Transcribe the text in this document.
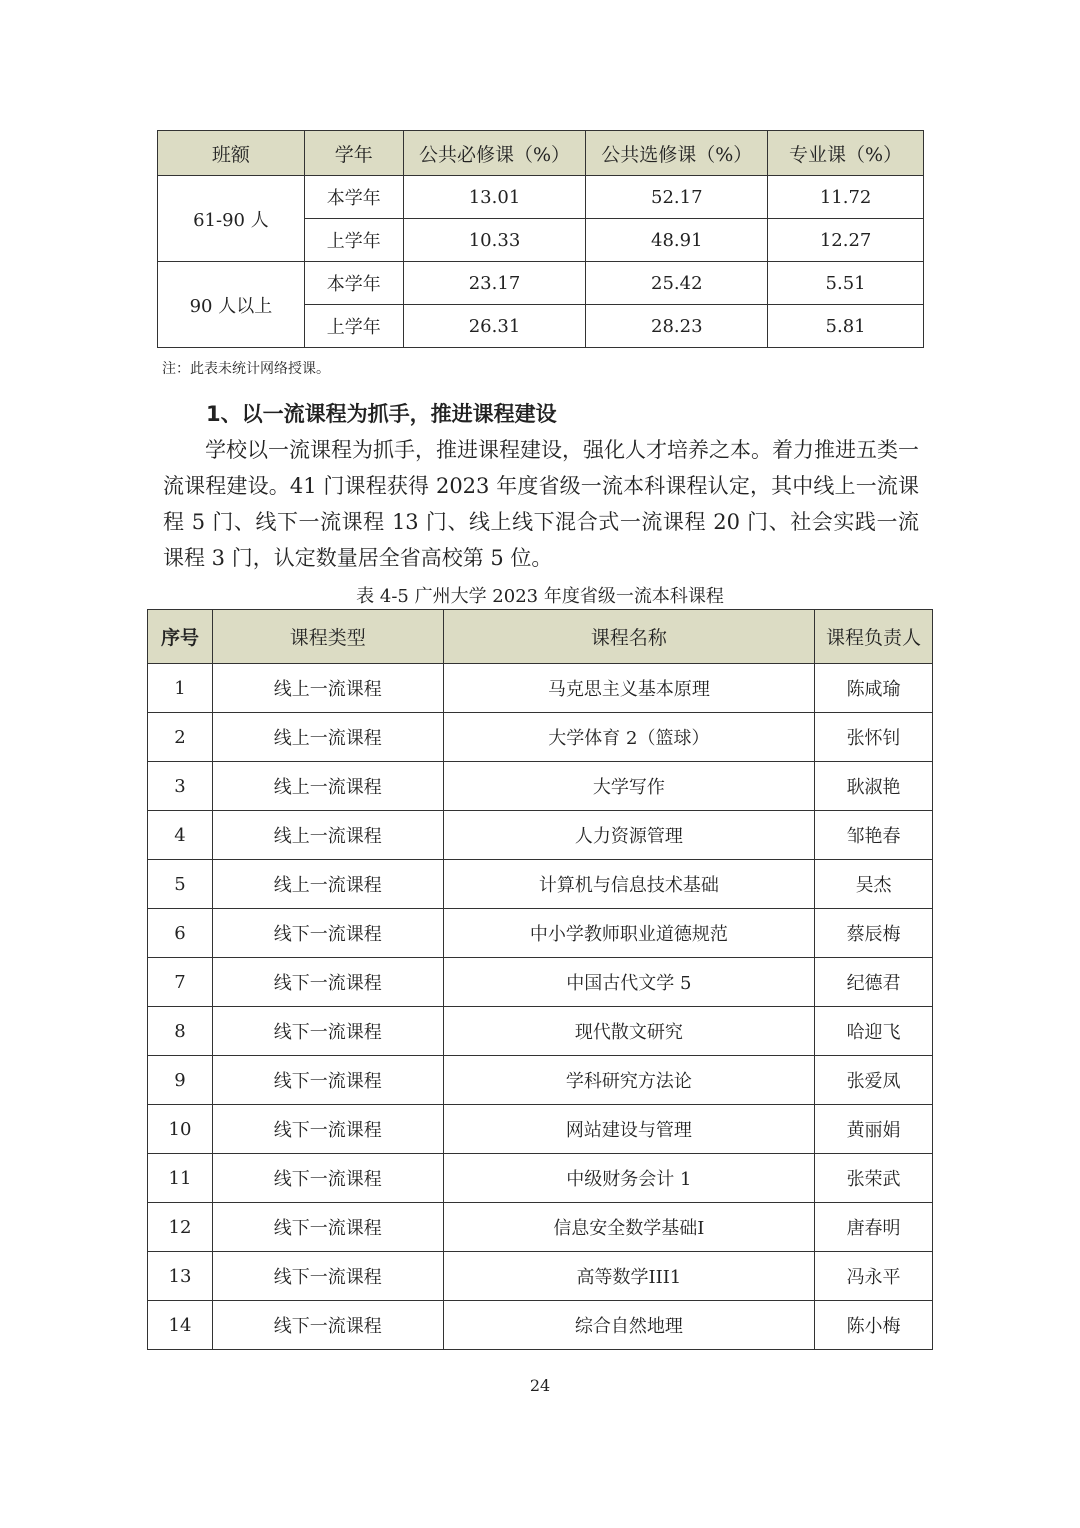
班额	学年	公共必修课（%）	公共选修课（%）	专业课（%）
61-90 人	本学年	13.01	52.17	11.72
	上学年	10.33	48.91	12.27
90 人以上	本学年	23.17	25.42	5.51
	上学年	26.31	28.23	5.81
注：此表未统计网络授课。
1、以一流课程为抓手，推进课程建设

学校以一流课程为抓手，推进课程建设，强化人才培养之本。着力推进五类一流课程建设。41 门课程获得 2023 年度省级一流本科课程认定，其中线上一流课程 5 门、线下一流课程 13 门、线上线下混合式一流课程 20 门、社会实践一流课程 3 门，认定数量居全省高校第 5 位。

表 4-5 广州大学 2023 年度省级一流本科课程
序号	课程类型	课程名称	课程负责人
1	线上一流课程	马克思主义基本原理	陈咸瑜
2	线上一流课程	大学体育 2（篮球）	张怀钊
3	线上一流课程	大学写作	耿淑艳
4	线上一流课程	人力资源管理	邹艳春
5	线上一流课程	计算机与信息技术基础	吴杰
6	线下一流课程	中小学教师职业道德规范	蔡辰梅
7	线下一流课程	中国古代文学 5	纪德君
8	线下一流课程	现代散文研究	哈迎飞
9	线下一流课程	学科研究方法论	张爱凤
10	线下一流课程	网站建设与管理	黄丽娟
11	线下一流课程	中级财务会计 1	张荣武
12	线下一流课程	信息安全数学基础I	唐春明
13	线下一流课程	高等数学III1	冯永平
14	线下一流课程	综合自然地理	陈小梅
24
